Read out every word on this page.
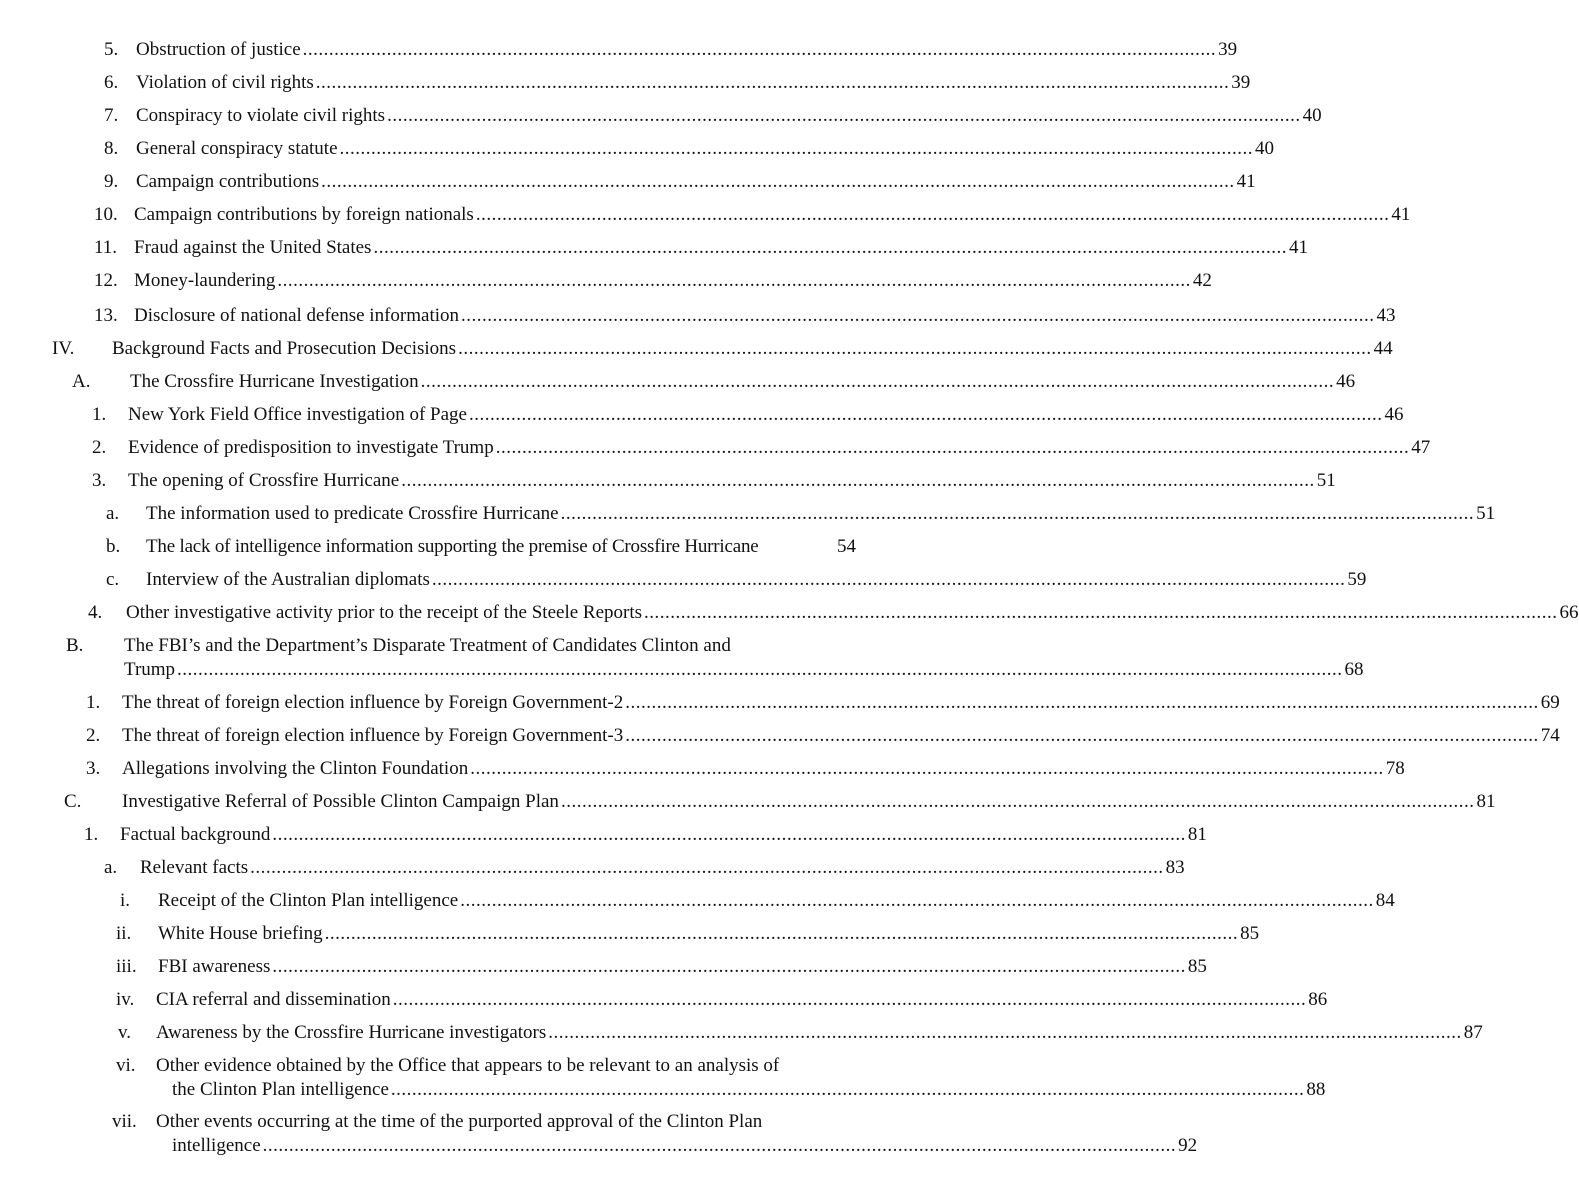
5. Obstruction of justice .............................................................................................................................................................................. 39
6. Violation of civil rights .............................................................................................................................................................................. 39
7. Conspiracy to violate civil rights .............................................................................................................................................................................. 40
8. General conspiracy statute .............................................................................................................................................................................. 40
9. Campaign contributions .............................................................................................................................................................................. 41
10. Campaign contributions by foreign nationals .............................................................................................................................................................................. 41
11. Fraud against the United States .............................................................................................................................................................................. 41
12. Money-laundering .............................................................................................................................................................................. 42
13. Disclosure of national defense information .............................................................................................................................................................................. 43
IV. Background Facts and Prosecution Decisions .............................................................................................................................................................................. 44
A. The Crossfire Hurricane Investigation .............................................................................................................................................................................. 46
1. New York Field Office investigation of Page .............................................................................................................................................................................. 46
2. Evidence of predisposition to investigate Trump .............................................................................................................................................................................. 47
3. The opening of Crossfire Hurricane .............................................................................................................................................................................. 51
a. The information used to predicate Crossfire Hurricane .............................................................................................................................................................................. 51
b. The lack of intelligence information supporting the premise of Crossfire Hurricane	54
c. Interview of the Australian diplomats .............................................................................................................................................................................. 59
4. Other investigative activity prior to the receipt of the Steele Reports .............................................................................................................................................................................. 66
B. The FBI’s and the Department’s Disparate Treatment of Candidates Clinton and
Trump .............................................................................................................................................................................................................................. 68
1. The threat of foreign election influence by Foreign Government-2 .............................................................................................................................................................................. 69
2. The threat of foreign election influence by Foreign Government-3 .............................................................................................................................................................................. 74
3. Allegations involving the Clinton Foundation .............................................................................................................................................................................. 78
C. Investigative Referral of Possible Clinton Campaign Plan .............................................................................................................................................................................. 81
1. Factual background .............................................................................................................................................................................. 81
a. Relevant facts .............................................................................................................................................................................. 83
i. Receipt of the Clinton Plan intelligence .............................................................................................................................................................................. 84
ii. White House briefing .............................................................................................................................................................................. 85
iii. FBI awareness .............................................................................................................................................................................. 85
iv. CIA referral and dissemination .............................................................................................................................................................................. 86
v. Awareness by the Crossfire Hurricane investigators .............................................................................................................................................................................. 87
vi. Other evidence obtained by the Office that appears to be relevant to an analysis of
the Clinton Plan intelligence .............................................................................................................................................................................. 88
vii. Other events occurring at the time of the purported approval of the Clinton Plan
intelligence .............................................................................................................................................................................. 92
